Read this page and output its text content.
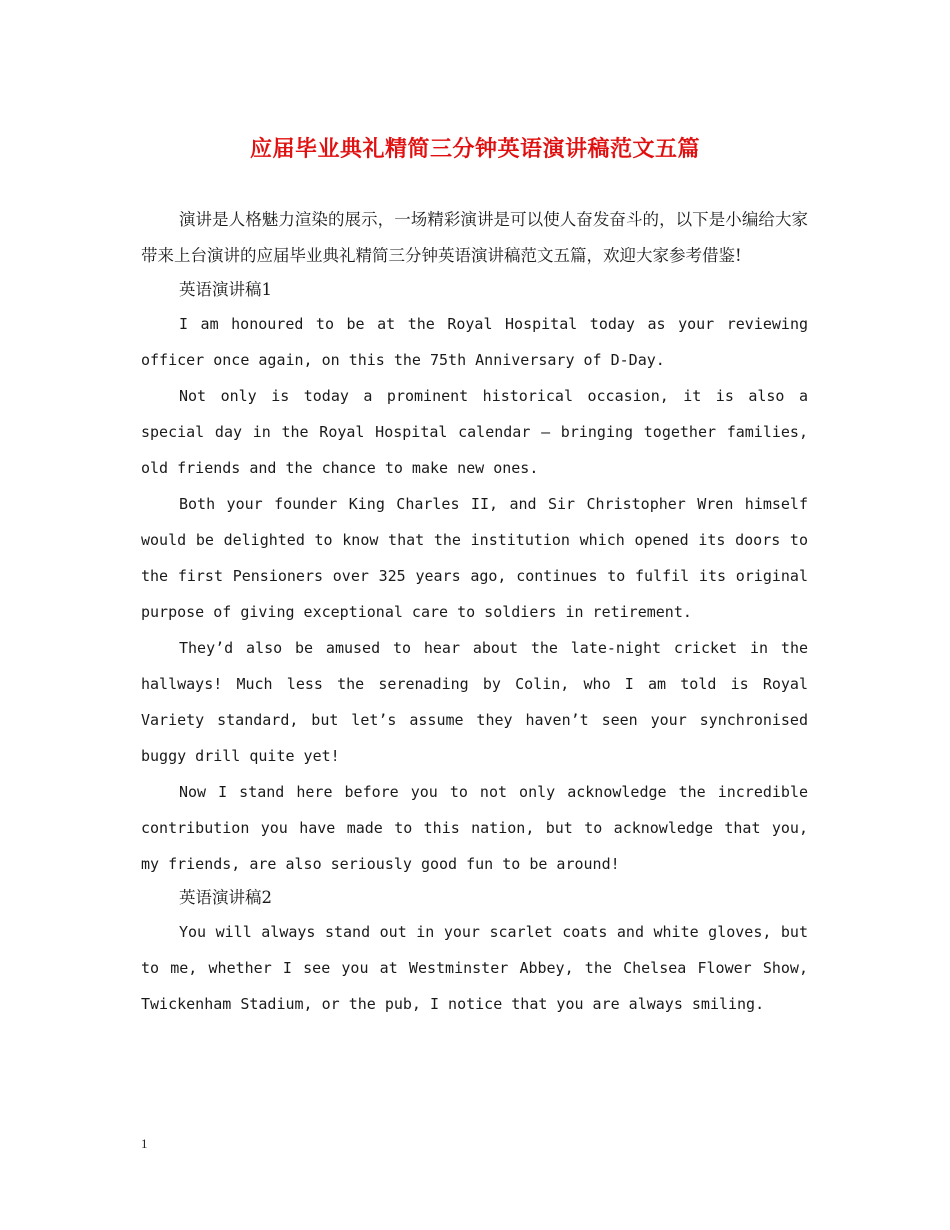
应届毕业典礼精简三分钟英语演讲稿范文五篇

演讲是人格魅力渲染的展示，一场精彩演讲是可以使人奋发奋斗的，以下是小编给大家带来上台演讲的应届毕业典礼精简三分钟英语演讲稿范文五篇，欢迎大家参考借鉴!

英语演讲稿1

I am honoured to be at the Royal Hospital today as your reviewing officer once again, on this the 75th Anniversary of D-Day.

Not only is today a prominent historical occasion, it is also a special day in the Royal Hospital calendar – bringing together families, old friends and the chance to make new ones.

Both your founder King Charles II, and Sir Christopher Wren himself would be delighted to know that the institution which opened its doors to the first Pensioners over 325 years ago, continues to fulfil its original purpose of giving exceptional care to soldiers in retirement.

They’d also be amused to hear about the late-night cricket in the hallways! Much less the serenading by Colin, who I am told is Royal Variety standard, but let’s assume they haven’t seen your synchronised buggy drill quite yet!

Now I stand here before you to not only acknowledge the incredible contribution you have made to this nation, but to acknowledge that you, my friends, are also seriously good fun to be around!

英语演讲稿2

You will always stand out in your scarlet coats and white gloves, but to me, whether I see you at Westminster Abbey, the Chelsea Flower Show, Twickenham Stadium, or the pub, I notice that you are always smiling.

1
